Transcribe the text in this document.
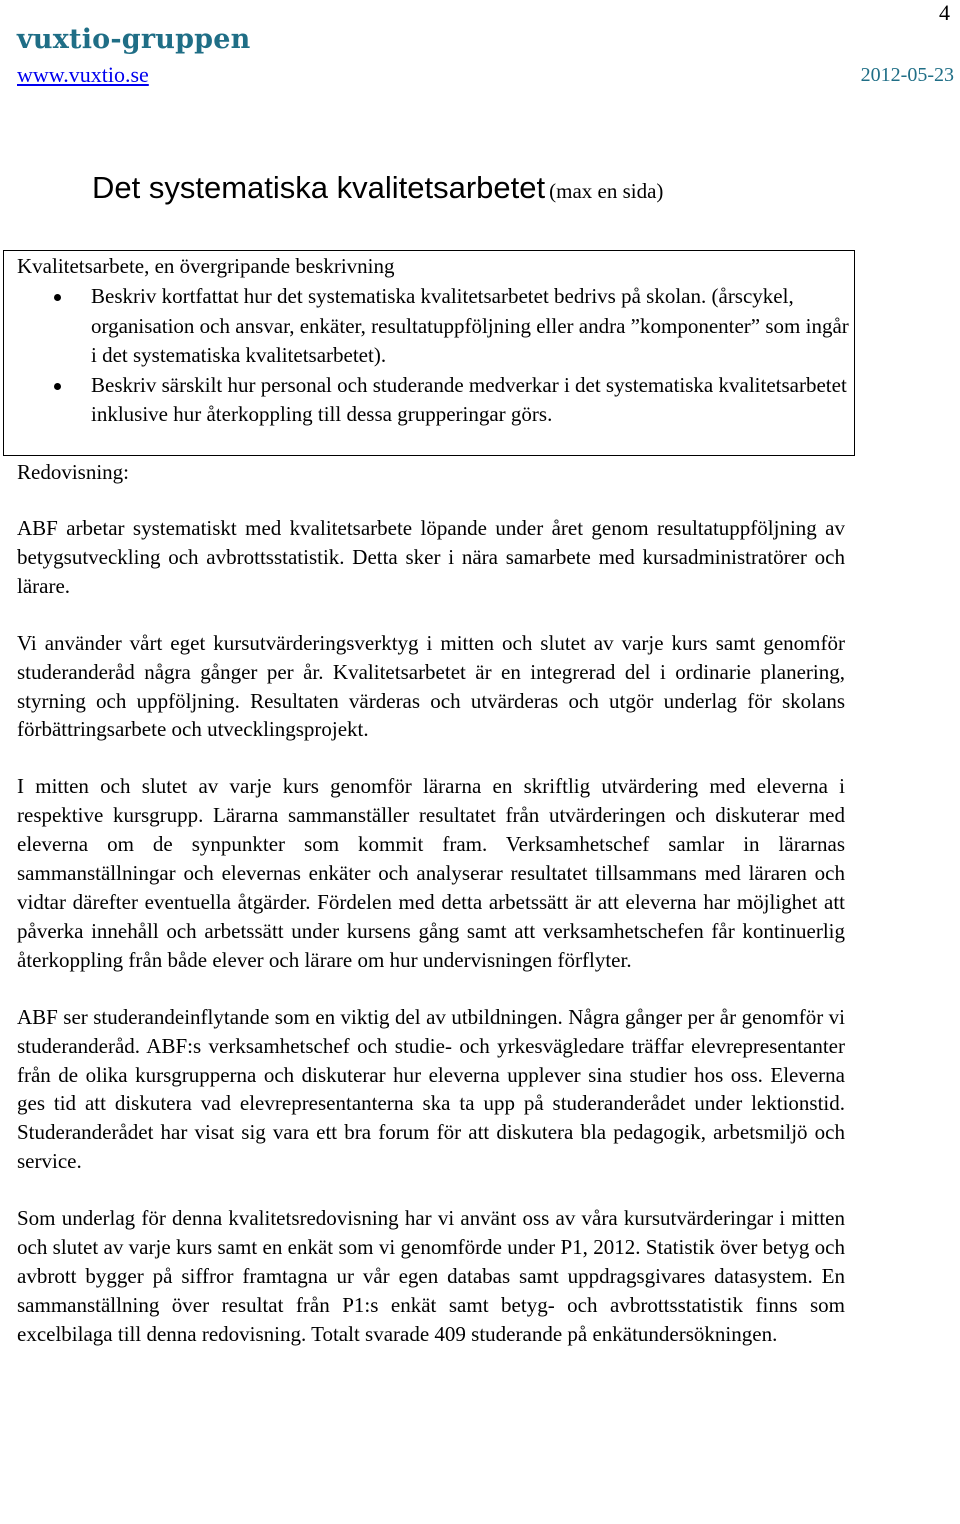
4
vuxtio-gruppen
www.vuxtio.se	2012-05-23
Det systematiska kvalitetsarbetet (max en sida)
Kvalitetsarbete, en övergripande beskrivning
Beskriv kortfattat hur det systematiska kvalitetsarbetet bedrivs på skolan. (årscykel, organisation och ansvar, enkäter, resultatuppföljning eller andra ”komponenter” som ingår i det systematiska kvalitetsarbetet).
Beskriv särskilt hur personal och studerande medverkar i det systematiska kvalitetsarbetet inklusive hur återkoppling till dessa grupperingar görs.
Redovisning:

ABF arbetar systematiskt med kvalitetsarbete löpande under året genom resultatuppföljning av betygsutveckling och avbrottsstatistik. Detta sker i nära samarbete med kursadministratörer och lärare.

Vi använder vårt eget kursutvärderingsverktyg i mitten och slutet av varje kurs samt genomför studeranderåd några gånger per år. Kvalitetsarbetet är en integrerad del i ordinarie planering, styrning och uppföljning. Resultaten värderas och utvärderas och utgör underlag för skolans förbättringsarbete och utvecklingsprojekt.

I mitten och slutet av varje kurs genomför lärarna en skriftlig utvärdering med eleverna i respektive kursgrupp. Lärarna sammanställer resultatet från utvärderingen och diskuterar med eleverna om de synpunkter som kommit fram. Verksamhetschef samlar in lärarnas sammanställningar och elevernas enkäter och analyserar resultatet tillsammans med läraren och vidtar därefter eventuella åtgärder. Fördelen med detta arbetssätt är att eleverna har möjlighet att påverka innehåll och arbetssätt under kursens gång samt att verksamhetschefen får kontinuerlig återkoppling från både elever och lärare om hur undervisningen förflyter.

ABF ser studerandeinflytande som en viktig del av utbildningen. Några gånger per år genomför vi studeranderåd. ABF:s verksamhetschef och studie- och yrkesvägledare träffar elevrepresentanter från de olika kursgrupperna och diskuterar hur eleverna upplever sina studier hos oss. Eleverna ges tid att diskutera vad elevrepresentanterna ska ta upp på studeranderådet under lektionstid. Studeranderådet har visat sig vara ett bra forum för att diskutera bla pedagogik, arbetsmiljö och service.

Som underlag för denna kvalitetsredovisning har vi använt oss av våra kursutvärderingar i mitten och slutet av varje kurs samt en enkät som vi genomförde under P1, 2012. Statistik över betyg och avbrott bygger på siffror framtagna ur vår egen databas samt uppdragsgivares datasystem. En sammanställning över resultat från P1:s enkät samt betyg- och avbrottsstatistik finns som excelbilaga till denna redovisning. Totalt svarade 409 studerande på enkätundersökningen.
